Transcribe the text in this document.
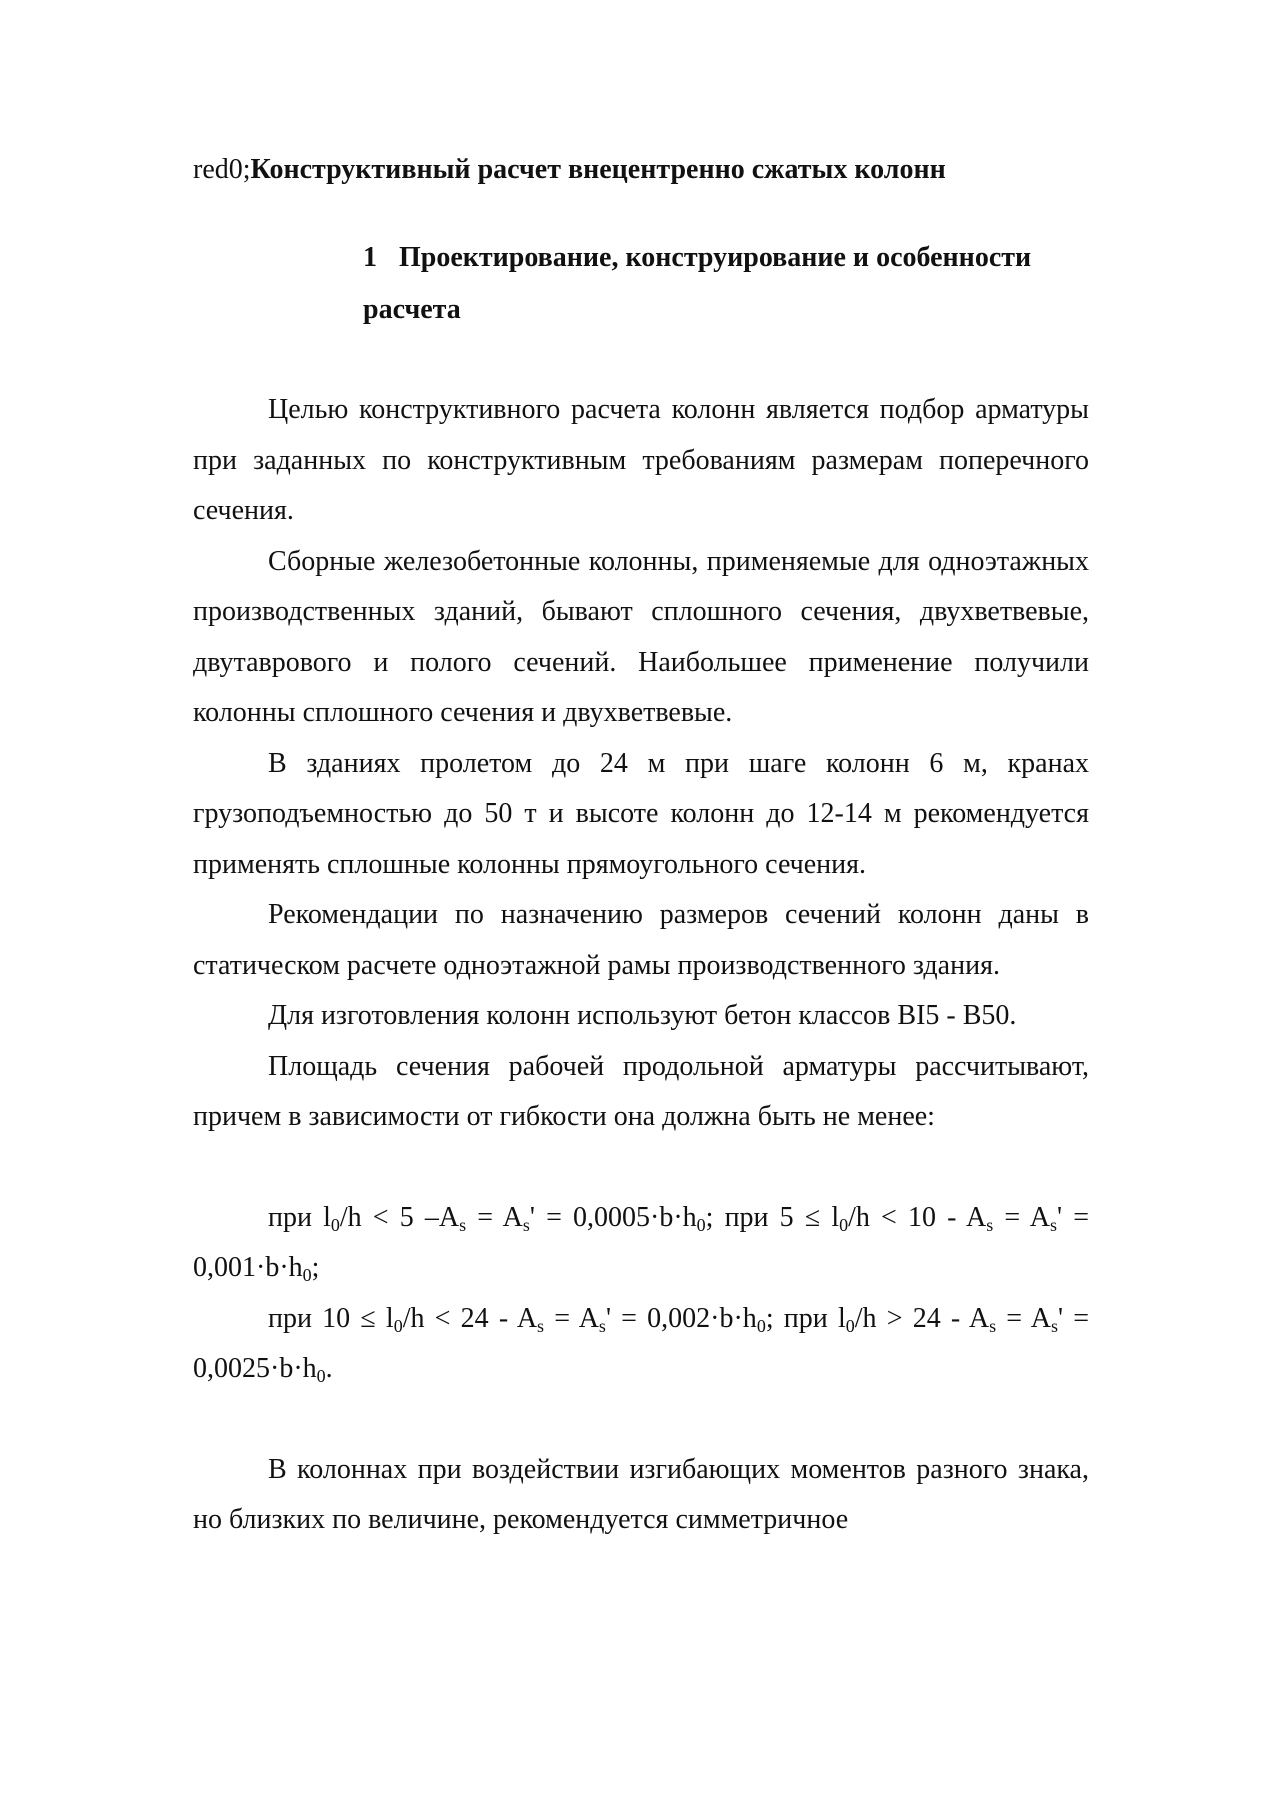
red0;Конструктивный расчет внецентренно сжатых колонн
1 Проектирование, конструирование и особенности расчета

Целью конструктивного расчета колонн является подбор арматуры при заданных по конструктивным требованиям размерам поперечного сечения.

Сборные железобетонные колонны, применяемые для одноэтажных производственных зданий, бывают сплошного сечения, двухветвевые, двутаврового и полого сечений. Наибольшее применение получили колонны сплошного сечения и двухветвевые.

В зданиях пролетом до 24 м при шаге колонн 6 м, кранах грузоподъемностью до 50 т и высоте колонн до 12-14 м рекомендуется применять сплошные колонны прямоугольного сечения.

Рекомендации по назначению размеров сечений колонн даны в статическом расчете одноэтажной рамы производственного здания.

Для изготовления колонн используют бетон классов BI5 - B50.

Площадь сечения рабочей продольной арматуры рассчитывают, причем в зависимости от гибкости она должна быть не менее:

при $l_0/h < 5$ $-A_s = A_s' = 0,0005\cdot b\cdot h_0$; при $5 \le l_0/h < 10 - A_s = A_s' = 0,001\cdot b\cdot h_0$;

при $10 \le l_0/h < 24 - A_s = A_s' = 0,002\cdot b\cdot h_0$; при $l_0/h > 24 - A_s = A_s' = 0,0025\cdot b\cdot h_0$.

В колоннах при воздействии изгибающих моментов разного знака, но близких по величине, рекомендуется симметричное
